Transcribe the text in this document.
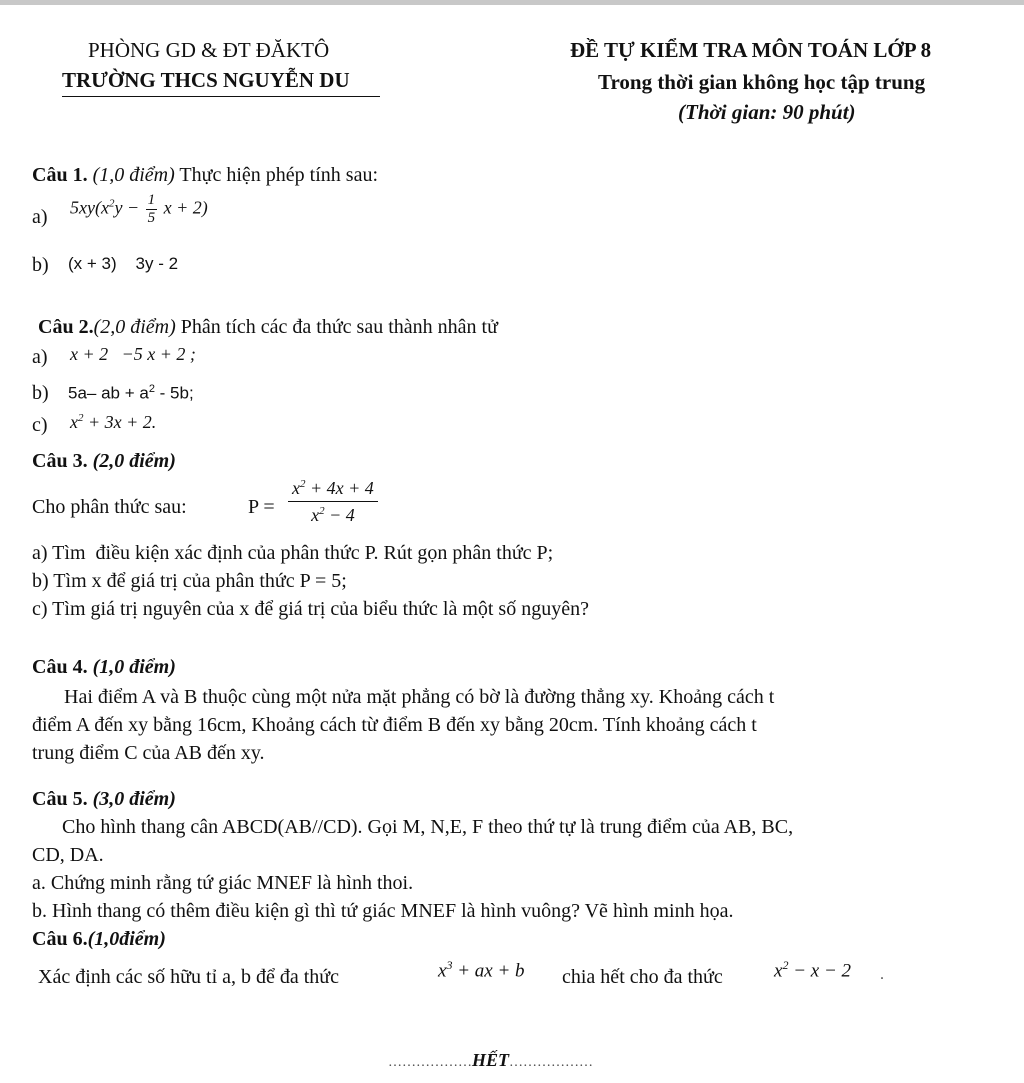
PHÒNG GD & ĐT ĐĂKTÔ
TRƯỜNG THCS NGUYỄN DU
ĐỀ TỰ KIỂM TRA MÔN TOÁN LỚP 8
Trong thời gian không học tập trung
(Thời gian: 90 phút)
Câu 1. (1,0 điểm) Thực hiện phép tính sau:
a) $5xy(x^2y - \frac{1}{5}$ x + 2)
b) (x + 3)    3y - 2
Câu 2.(2,0 điểm) Phân tích các đa thức sau thành nhân tử
a) x + 2   −5 x + 2 ;
b) 5a– ab + $a^2 - 5b$;
c) $x^2 + 3x + 2$.
Câu 3. (2,0 điểm)
Cho phân thức sau:	$P = \frac{x^2 + 4x + 4}{x^2 - 4}$
a) Tìm  điều kiện xác định của phân thức P. Rút gọn phân thức P;
b) Tìm x để giá trị của phân thức P = 5;
c) Tìm giá trị nguyên của x để giá trị của biểu thức là một số nguyên?
Câu 4. (1,0 điểm)
Hai điểm A và B thuộc cùng một nửa mặt phẳng có bờ là đường thẳng xy. Khoảng cách t
điểm A đến xy bằng 16cm, Khoảng cách từ điểm B đến xy bằng 20cm. Tính khoảng cách t
trung điểm C của AB đến xy.
Câu 5. (3,0 điểm)
Cho hình thang cân ABCD(AB//CD). Gọi M, N,E, F theo thứ tự là trung điểm của AB, BC,
CD, DA.
a. Chứng minh rằng tứ giác MNEF là hình thoi.
b. Hình thang có thêm điều kiện gì thì tứ giác MNEF là hình vuông? Vẽ hình minh họa.
Câu 6.(1,0điểm)
Xác định các số hữu tỉ a, b để đa thức	$x^3$ + ax + b chia hết cho đa thức	$x^2 - x - 2$ .
………………HẾT………………
